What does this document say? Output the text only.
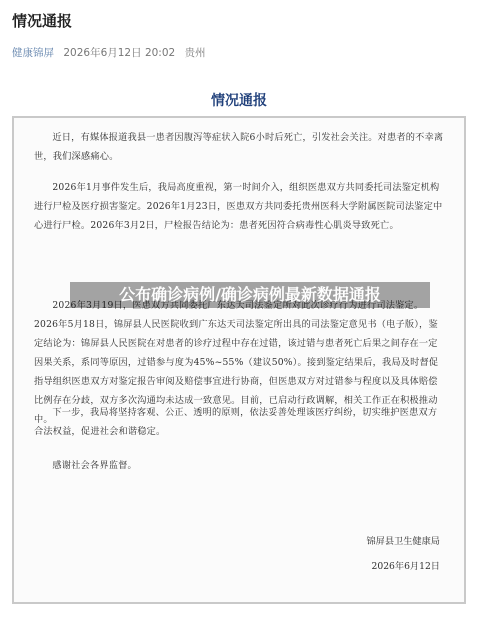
情况通报
健康锦屏 2026年6月12日 20:02 贵州
情况通报
近日，有媒体报道我县一患者因腹泻等症状入院6小时后死亡，引发社会关注。对患者的不幸离世，我们深感痛心。
2026年1月事件发生后，我局高度重视，第一时间介入，组织医患双方共同委托司法鉴定机构进行尸检及医疗损害鉴定。2026年1月23日，医患双方共同委托贵州医科大学附属医院司法鉴定中心进行尸检。2026年3月2日，尸检报告结论为：患者死因符合病毒性心肌炎导致死亡。
2026年3月19日，医患双方共同委托广东达天司法鉴定所对此次诊疗行为进行司法鉴定。2026年5月18日，锦屏县人民医院收到广东达天司法鉴定所出具的司法鉴定意见书（电子版），鉴定结论为：锦屏县人民医院在对患者的诊疗过程中存在过错，该过错与患者死亡后果之间存在一定因果关系，系同等原因，过错参与度为45%~55%（建议50%）。接到鉴定结果后，我局及时督促指导组织医患双方对鉴定报告审阅及赔偿事宜进行协商，但医患双方对过错参与程度以及具体赔偿比例存在分歧，双方多次沟通均未达成一致意见。目前，已启动行政调解，相关工作正在积极推动中。
下一步，我局将坚持客观、公正、透明的原则，依法妥善处理该医疗纠纷，切实维护医患双方合法权益，促进社会和谐稳定。
感谢社会各界监督。
锦屏县卫生健康局
2026年6月12日
公布确诊病例/确诊病例最新数据通报
